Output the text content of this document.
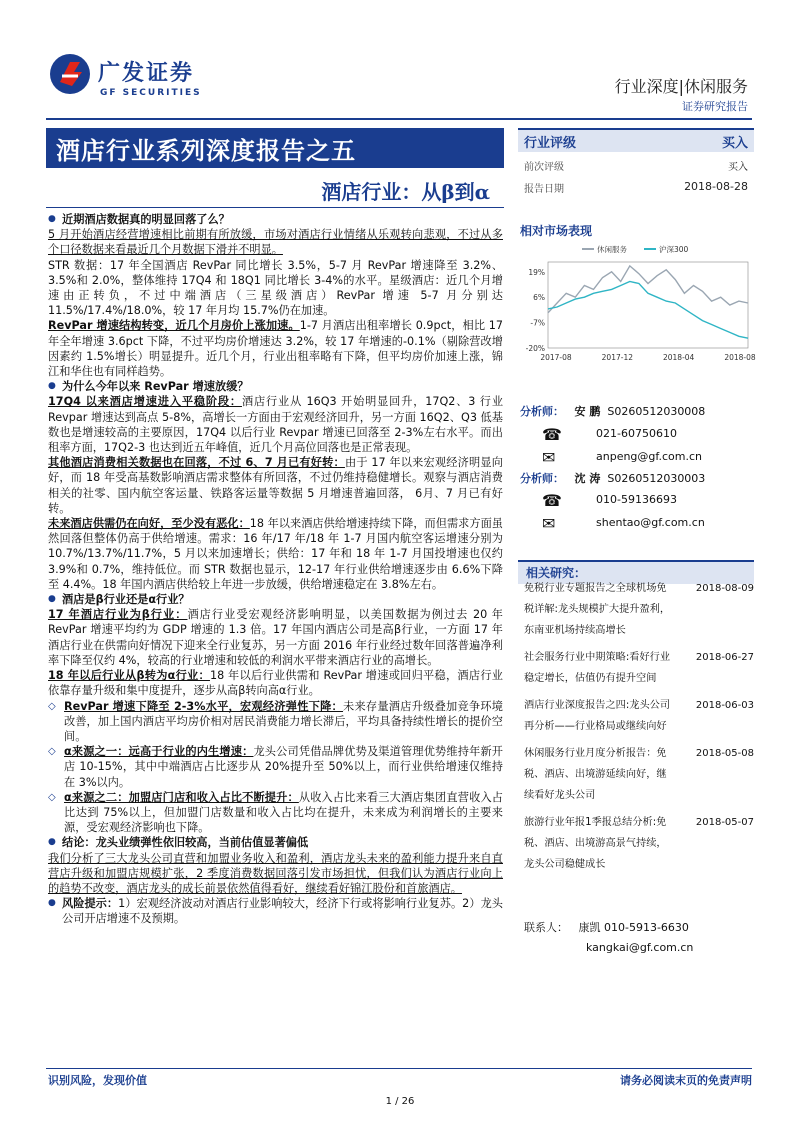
广发证券
GF SECURITIES	行业深度|休闲服务
证券研究报告
酒店行业系列深度报告之五
酒店行业：从β到α

● 近期酒店数据真的明显回落了么？

5 月开始酒店经营增速相比前期有所放缓，市场对酒店行业情绪从乐观转向悲观，不过从多个口径数据来看最近几个月数据下滑并不明显。

STR 数据：17 年全国酒店 RevPar 同比增长 3.5%，5-7 月 RevPar 增速降至 3.2%、3.5%和 2.0%，整体维持 17Q4 和 18Q1 同比增长 3-4%的水平。星级酒店：近几个月增速由正转负，不过中端酒店（三星级酒店）RevPar 增速 5-7 月分别达 11.5%/17.4%/18.0%，较 17 年月均 15.7%仍在加速。

RevPar 增速结构转变，近几个月房价上涨加速。1-7 月酒店出租率增长 0.9pct，相比 17 年全年增速 3.6pct 下降，不过平均房价增速达 3.2%，较 17 年增速的-0.1%（剔除营改增因素约 1.5%增长）明显提升。近几个月，行业出租率略有下降，但平均房价加速上涨，锦江和华住也有同样趋势。

● 为什么今年以来 RevPar 增速放缓？

17Q4 以来酒店增速进入平稳阶段：酒店行业从 16Q3 开始明显回升，17Q2、3 行业 Revpar 增速达到高点 5-8%，高增长一方面由于宏观经济回升，另一方面 16Q2、Q3 低基数也是增速较高的主要原因，17Q4 以后行业 Revpar 增速已回落至 2-3%左右水平。而出租率方面，17Q2-3 也达到近五年峰值，近几个月高位回落也是正常表现。

其他酒店消费相关数据也在回落，不过 6、7 月已有好转：由于 17 年以来宏观经济明显向好，而 18 年受高基数影响酒店需求整体有所回落，不过仍维持稳健增长。观察与酒店消费相关的社零、国内航空客运量、铁路客运量等数据 5 月增速普遍回落， 6月、7 月已有好转。

未来酒店供需仍在向好，至少没有恶化：18 年以来酒店供给增速持续下降，而但需求方面虽然回落但整体仍高于供给增速。需求：16 年/17 年/18 年 1-7 月国内航空客运增速分别为 10.7%/13.7%/11.7%，5 月以来加速增长；供给：17 年和 18 年 1-7 月国投增速也仅约 3.9%和 0.7%，维持低位。而 STR 数据也显示，12-17 年行业供给增速逐步由 6.6%下降至 4.4%。18 年国内酒店供给较上年进一步放缓，供给增速稳定在 3.8%左右。

● 酒店是β行业还是α行业？

17 年酒店行业为β行业：酒店行业受宏观经济影响明显，以美国数据为例过去 20 年 RevPar 增速平均约为 GDP 增速的 1.3 倍。17 年国内酒店公司是高β行业，一方面 17 年酒店行业在供需向好情况下迎来全行业复苏，另一方面 2016 年行业经过数年回落普遍净利率下降至仅约 4%，较高的行业增速和较低的利润水平带来酒店行业的高增长。

18 年以后行业从β转为α行业：18 年以后行业供需和 RevPar 增速或回归平稳，酒店行业依靠存量升级和集中度提升，逐步从高β转向高α行业。

◇ RevPar 增速下降至 2-3%水平，宏观经济弹性下降：未来存量酒店升级叠加竞争环境改善，加上国内酒店平均房价相对居民消费能力增长滞后，平均具备持续性增长的提价空间。

◇ α来源之一：远高于行业的内生增速：龙头公司凭借品牌优势及渠道管理优势维持年新开店 10-15%，其中中端酒店占比逐步从 20%提升至 50%以上，而行业供给增速仅维持在 3%以内。

◇ α来源之二：加盟店门店和收入占比不断提升：从收入占比来看三大酒店集团直营收入占比达到 75%以上，但加盟门店数量和收入占比均在提升，未来成为利润增长的主要来源，受宏观经济影响也下降。

● 结论：龙头业绩弹性依旧较高，当前估值显著偏低

我们分析了三大龙头公司直营和加盟业务收入和盈利，酒店龙头未来的盈利能力提升来自直营店升级和加盟店规模扩张，2 季度消费数据回落引发市场担忧，但我们认为酒店行业向上的趋势不改变，酒店龙头的成长前景依然值得看好，继续看好锦江股份和首旅酒店。

● 风险提示：1）宏观经济波动对酒店行业影响较大，经济下行或将影响行业复苏。2）龙头公司开店增速不及预期。

行业评级	买入
前次评级	买入
报告日期	2018-08-28
相对市场表现
休闲服务	沪深300
19%
6%
-7%
-20%
2017-08	2017-12	2018-04	2018-08
分析师： 安 鹏 S0260512030008
☎	021-60750610
✉	anpeng@gf.com.cn
分析师： 沈 涛 S0260512030003
☎	010-59136693
✉	shentao@gf.com.cn
相关研究：
免税行业专题报告之全球机场免税详解:龙头规模扩大提升盈利，东南亚机场持续高增长
2018-08-09
社会服务行业中期策略:看好行业稳定增长，估值仍有提升空间
2018-06-27
酒店行业深度报告之四:龙头公司再分析——行业格局或继续向好
2018-06-03
休闲服务行业月度分析报告：免税、酒店、出境游延续向好，继续看好龙头公司
2018-05-08
旅游行业年报1季报总结分析:免税、酒店、出境游高景气持续，龙头公司稳健成长
2018-05-07
联系人： 康凯 010-5913-6630
kangkai@gf.com.cn
识别风险，发现价值	请务必阅读末页的免责声明
1 / 26
